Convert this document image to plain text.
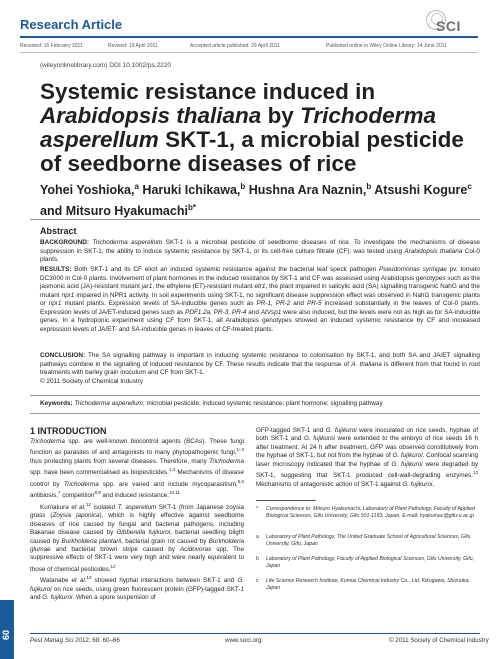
Research Article	SCI
Received: 15 February 2011	Revised: 19 April 2011	Accepted article published: 29 April 2011	Published online in Wiley Online Library: 14 June 2011
(wileyonlinelibrary.com) DOI 10.1002/ps.2220
Systemic resistance induced in Arabidopsis thaliana by Trichoderma asperellum SKT-1, a microbial pesticide of seedborne diseases of rice
Yohei Yoshioka,$^a$ Haruki Ichikawa,$^b$ Hushna Ara Naznin,$^b$ Atsushi Kogure$^c$ and Mitsuro Hyakumachi$^{b*}$
Abstract
BACKGROUND: Trichoderma asperellum SKT-1 is a microbial pesticide of seedborne diseases of rice. To investigate the mechanisms of disease suppression in SKT-1, the ability to induce systemic resistance by SKT-1, or its cell-free culture filtrate (CF), was tested using Arabidopsis thaliana Col-0 plants.
RESULTS: Both SKT-1 and its CF elicit an induced systemic resistance against the bacterial leaf speck pathogen Pseudomonas syringae pv. tomato DC3000 in Col-0 plants. Involvement of plant hormones in the induced resistance by SKT-1 and CF was assessed using Arabidopsis genotypes such as the jasmonic acid (JA)-resistant mutant jar1, the ethylene (ET)-resistant mutant etr1, the plant impaired in salicylic acid (SA) signalling transgenic NahG and the mutant npr1 impaired in NPR1 activity. In soil experiments using SKT-1, no significant disease suppression effect was observed in NahG transgenic plants or npr1 mutant plants. Expression levels of SA-inducible genes such as PR-1, PR-2 and PR-5 increased substantially in the leaves of Col-0 plants. Expression levels of JA/ET-induced genes such as PDF1.2a, PR-3, PR-4 and AtVsp1 were also induced, but the levels were not as high as for SA-inducible genes. In a hydroponic experiment using CF from SKT-1, all Arabidopsis genotypes showed an induced systemic resistance by CF and increased expression levels of JA/ET- and SA-inducible genes in leaves of CF-treated plants.
CONCLUSION: The SA signalling pathway is important in inducing systemic resistance to colonisation by SKT-1, and both SA and JA/ET signalling pathways combine in the signalling of induced resistance by CF. These results indicate that the response of A. thaliana is different from that found in root treatments with barley grain inoculum and CF from SKT-1.
© 2011 Society of Chemical Industry
Keywords: Trichoderma asperellum; microbial pesticide; induced systemic resistance; plant hormone; signalling pathway
1 INTRODUCTION
Trichoderma spp. are well-known biocontrol agents (BCAs). These fungi function as parasites of and antagonists to many phytopathogenic fungi,$^{1-3}$ thus protecting plants from several diseases. Therefore, many Trichoderma spp. have been commercialised as biopesticides.$^{1,4}$ Mechanisms of disease control by Trichoderma spp. are varied and include mycoparasitism,$^{5,6}$ antibiosis,$^7$ competition$^{8,9}$ and induced resistance.$^{10,11}$
Kumakura et al.$^{12}$ isolated T. asperellum SKT-1 (from Japanese zoysia grass (Zoysia japonica), which is highly effective against seedborne diseases of rice caused by fungal and bacterial pathogens, including Bakanae disease caused by Gibberella fujikuroi, bacterial seedling blight caused by Burkholderia plantarii, bacterial grain rot caused by Burkholderia glumae and bacterial brown stripe caused by Acidovorax spp. The suppressive effects of SKT-1 were very high and were nearly equivalent to those of chemical pesticides.$^{12}$
Watanabe et al.$^{13}$ showed hyphal interactions between SKT-1 and G. fujikuroi on rice seeds, using green fluorescent protein (GFP)-tagged SKT-1 and G. fujikuroi. When a spore suspension of
GFP-tagged SKT-1 and G. fujikuroi were inoculated on rice seeds, hyphae of both SKT-1 and G. fujikuroi were extended to the embryo of rice seeds 16 h after treatment. At 24 h after treatment, GFP was observed constitutively from the hyphae of SKT-1, but not from the hyphae of G. fujikuroi. Confocal scanning laser microscopy indicated that the hyphae of G. fujikuroi were degraded by SKT-1, suggesting that SKT-1 produced cell-wall-degrading enzymes.$^{13}$ Mechanisms of antagonistic action of SKT-1 against G. fujikuroi,
*	Correspondence to: Mitsuro Hyakumachi, Laboratory of Plant Pathology, Faculty of Applied Biological Sciences, Gifu University, Gifu 501-1193, Japan. E-mail: hyakumac@gifu-u.ac.jp
a	Laboratory of Plant Pathology, The United Graduate School of Agricultural Sciences, Gifu University, Gifu, Japan
b	Laboratory of Plant Pathology, Faculty of Applied Biological Sciences, Gifu University, Gifu, Japan
c	Life Science Research Institute, Kumiai Chemical Industry Co., Ltd, Kikugawa, Shizuoka, Japan
60
Pest Manag Sci 2012; 68: 60–66	www.soci.org	© 2011 Society of Chemical Industry
